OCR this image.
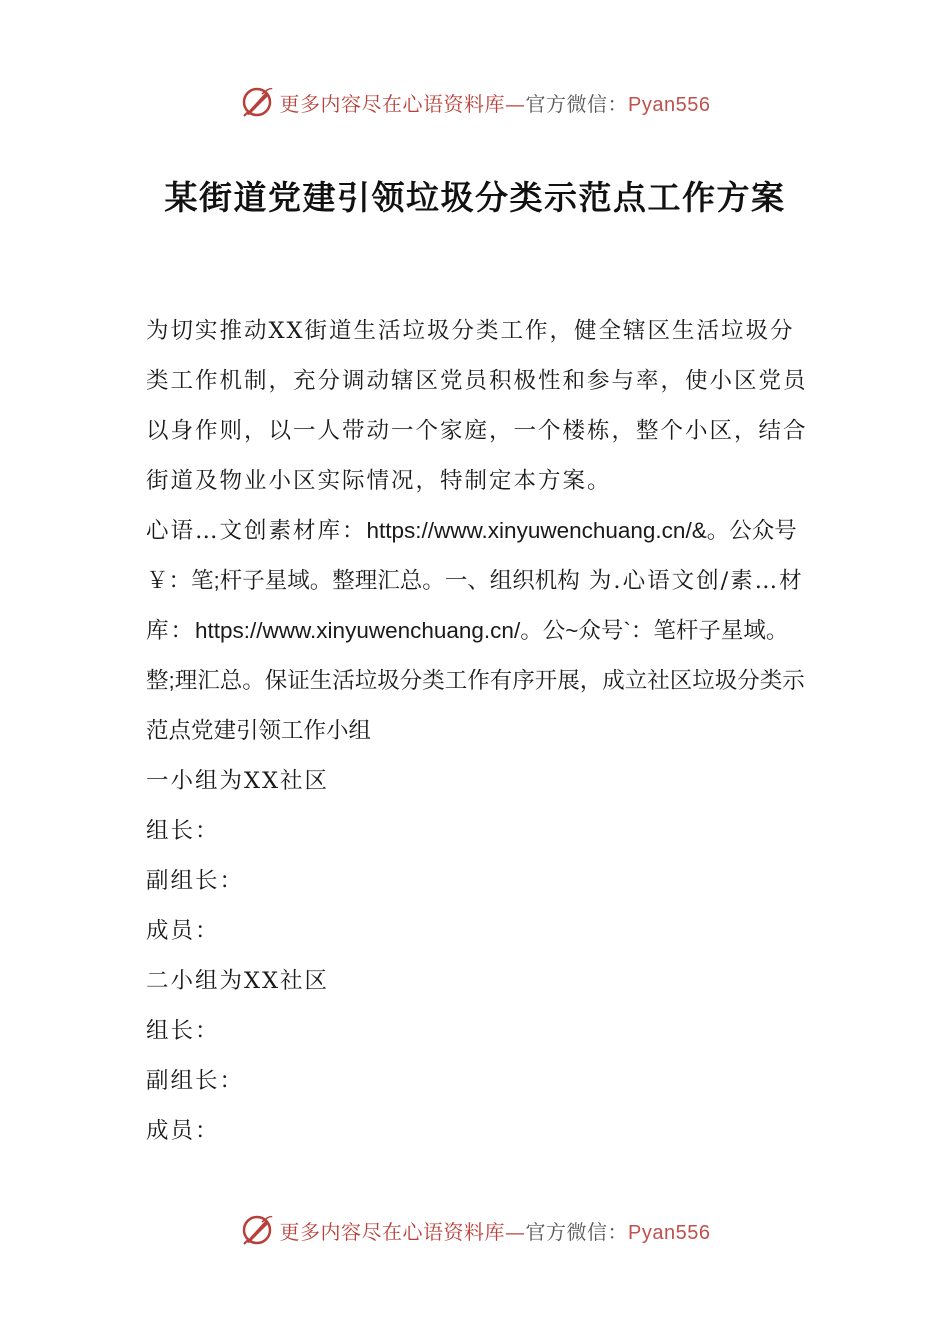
更多内容尽在心语资料库—官方微信：Pyan556
某街道党建引领垃圾分类示范点工作方案

为切实推动XX街道生活垃圾分类工作，健全辖区生活垃圾分类工作机制，充分调动辖区党员积极性和参与率，使小区党员以身作则，以一人带动一个家庭，一个楼栋，整个小区，结合街道及物业小区实际情况，特制定本方案。

心语…文创素材库：

https://www.xinyuwenchuang.cn/&。公众号￥：笔;杆子星域。整理汇总。一、组织机构 为.心语文创/素…材库：

https://www.xinyuwenchuang.cn/。公~众号`：笔杆子星域。整;理汇总。保证生活垃圾分类工作有序开展，成立社区垃圾分类示范点党建引领工作小组

一小组为XX社区

组长：

副组长：

成员：

二小组为XX社区

组长：

副组长：

成员：

更多内容尽在心语资料库—官方微信：Pyan556
